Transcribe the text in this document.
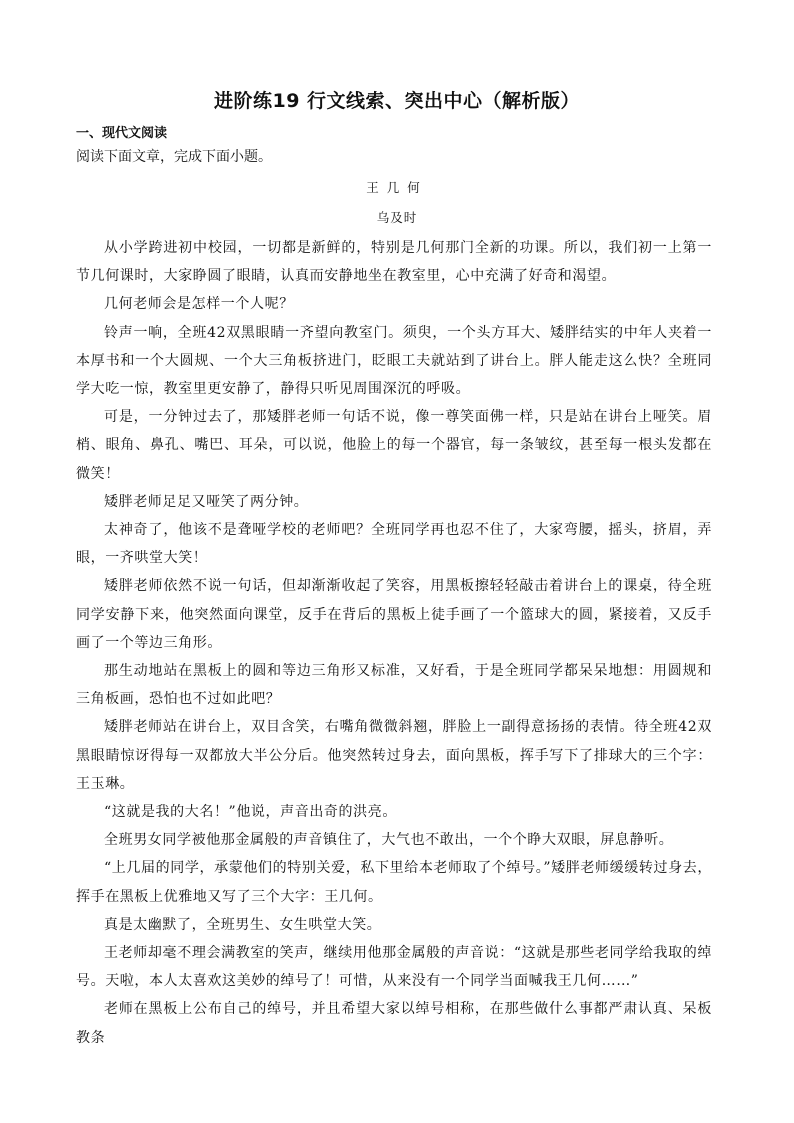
进阶练19 行文线索、突出中心（解析版）
一、现代文阅读
阅读下面文章，完成下面小题。
王几何
乌及时

从小学跨进初中校园，一切都是新鲜的，特别是几何那门全新的功课。所以，我们初一上第一节几何课时，大家睁圆了眼睛，认真而安静地坐在教室里，心中充满了好奇和渴望。

几何老师会是怎样一个人呢？

铃声一响，全班42双黑眼睛一齐望向教室门。须臾，一个头方耳大、矮胖结实的中年人夹着一本厚书和一个大圆规、一个大三角板挤进门，眨眼工夫就站到了讲台上。胖人能走这么快？全班同学大吃一惊，教室里更安静了，静得只听见周围深沉的呼吸。

可是，一分钟过去了，那矮胖老师一句话不说，像一尊笑面佛一样，只是站在讲台上哑笑。眉梢、眼角、鼻孔、嘴巴、耳朵，可以说，他脸上的每一个器官，每一条皱纹，甚至每一根头发都在微笑！

矮胖老师足足又哑笑了两分钟。

太神奇了，他该不是聋哑学校的老师吧？全班同学再也忍不住了，大家弯腰，摇头，挤眉，弄眼，一齐哄堂大笑！

矮胖老师依然不说一句话，但却渐渐收起了笑容，用黑板擦轻轻敲击着讲台上的课桌，待全班同学安静下来，他突然面向课堂，反手在背后的黑板上徒手画了一个篮球大的圆，紧接着，又反手画了一个等边三角形。

那生动地站在黑板上的圆和等边三角形又标准，又好看，于是全班同学都呆呆地想：用圆规和三角板画，恐怕也不过如此吧？

矮胖老师站在讲台上，双目含笑，右嘴角微微斜翘，胖脸上一副得意扬扬的表情。待全班42双黑眼睛惊讶得每一双都放大半公分后。他突然转过身去，面向黑板，挥手写下了排球大的三个字：王玉琳。

“这就是我的大名！”他说，声音出奇的洪亮。

全班男女同学被他那金属般的声音镇住了，大气也不敢出，一个个睁大双眼，屏息静听。

“上几届的同学，承蒙他们的特别关爱，私下里给本老师取了个绰号。”矮胖老师缓缓转过身去，挥手在黑板上优雅地又写了三个大字：王几何。

真是太幽默了，全班男生、女生哄堂大笑。

王老师却毫不理会满教室的笑声，继续用他那金属般的声音说：“这就是那些老同学给我取的绰号。天啦，本人太喜欢这美妙的绰号了！可惜，从来没有一个同学当面喊我王几何……”

老师在黑板上公布自己的绰号，并且希望大家以绰号相称，在那些做什么事都严肃认真、呆板教条
